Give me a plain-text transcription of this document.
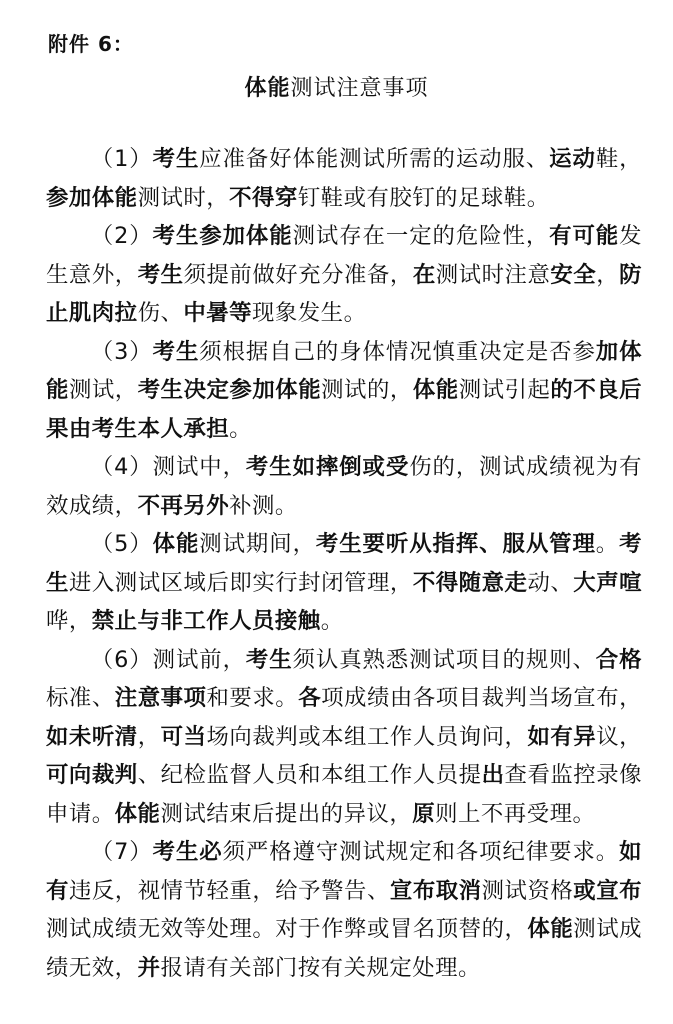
附件 6：
体能测试注意事项

（1）考生应准备好体能测试所需的运动服、运动鞋，参加体能测试时，不得穿钉鞋或有胶钉的足球鞋。

（2）考生参加体能测试存在一定的危险性，有可能发生意外，考生须提前做好充分准备，在测试时注意安全，防止肌肉拉伤、中暑等现象发生。

（3）考生须根据自己的身体情况慎重决定是否参加体能测试，考生决定参加体能测试的，体能测试引起的不良后果由考生本人承担。

（4）测试中，考生如摔倒或受伤的，测试成绩视为有效成绩，不再另外补测。

（5）体能测试期间，考生要听从指挥、服从管理。考生进入测试区域后即实行封闭管理，不得随意走动、大声喧哗，禁止与非工作人员接触。

（6）测试前，考生须认真熟悉测试项目的规则、合格标准、注意事项和要求。各项成绩由各项目裁判当场宣布，如未听清，可当场向裁判或本组工作人员询问，如有异议，可向裁判、纪检监督人员和本组工作人员提出查看监控录像申请。体能测试结束后提出的异议，原则上不再受理。

（7）考生必须严格遵守测试规定和各项纪律要求。如有违反，视情节轻重，给予警告、宣布取消测试资格或宣布测试成绩无效等处理。对于作弊或冒名顶替的，体能测试成绩无效，并报请有关部门按有关规定处理。
